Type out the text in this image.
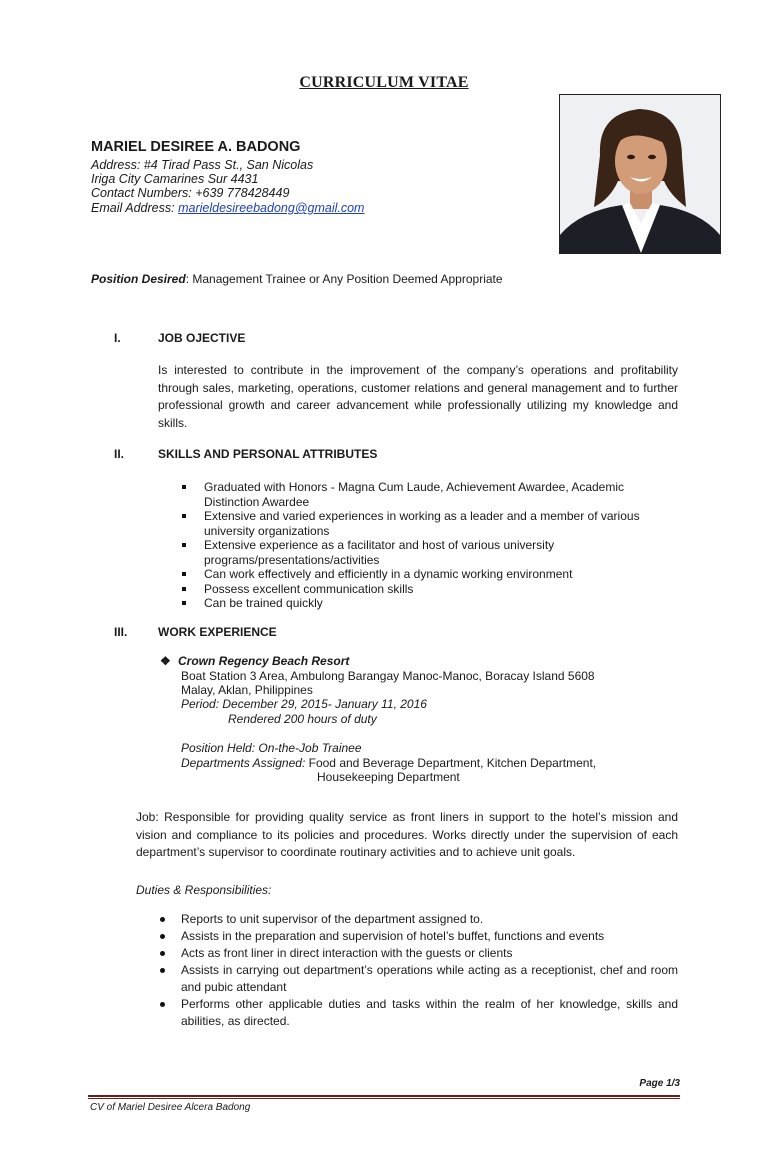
CURRICULUM VITAE
MARIEL DESIREE A. BADONG
Address: #4 Tirad Pass St., San Nicolas
Iriga City Camarines Sur 4431
Contact Numbers: +639 778428449
Email Address: marieldesireebadong@gmail.com
Position Desired: Management Trainee or Any Position Deemed Appropriate
I.	JOB OJECTIVE
Is interested to contribute in the improvement of the company’s operations and profitability through sales, marketing, operations, customer relations and general management and to further professional growth and career advancement while professionally utilizing my knowledge and skills.
II.	SKILLS AND PERSONAL ATTRIBUTES
Graduated with Honors - Magna Cum Laude, Achievement Awardee, Academic Distinction Awardee
Extensive and varied experiences in working as a leader and a member of various university organizations
Extensive experience as a facilitator and host of various university programs/presentations/activities
Can work effectively and efficiently in a dynamic working environment
Possess excellent communication skills
Can be trained quickly
III.	WORK EXPERIENCE
❖ Crown Regency Beach Resort
Boat Station 3 Area, Ambulong Barangay Manoc-Manoc, Boracay Island 5608
Malay, Aklan, Philippines
Period: December 29, 2015- January 11, 2016
Rendered 200 hours of duty
Position Held: On-the-Job Trainee
Departments Assigned: Food and Beverage Department, Kitchen Department,
Housekeeping Department
Job: Responsible for providing quality service as front liners in support to the hotel’s mission and vision and compliance to its policies and procedures. Works directly under the supervision of each department’s supervisor to coordinate routinary activities and to achieve unit goals.
Duties & Responsibilities:
Reports to unit supervisor of the department assigned to.
Assists in the preparation and supervision of hotel’s buffet, functions and events
Acts as front liner in direct interaction with the guests or clients
Assists in carrying out department’s operations while acting as a receptionist, chef and room and pubic attendant
Performs other applicable duties and tasks within the realm of her knowledge, skills and abilities, as directed.
Page 1/3
CV of Mariel Desiree Alcera Badong
